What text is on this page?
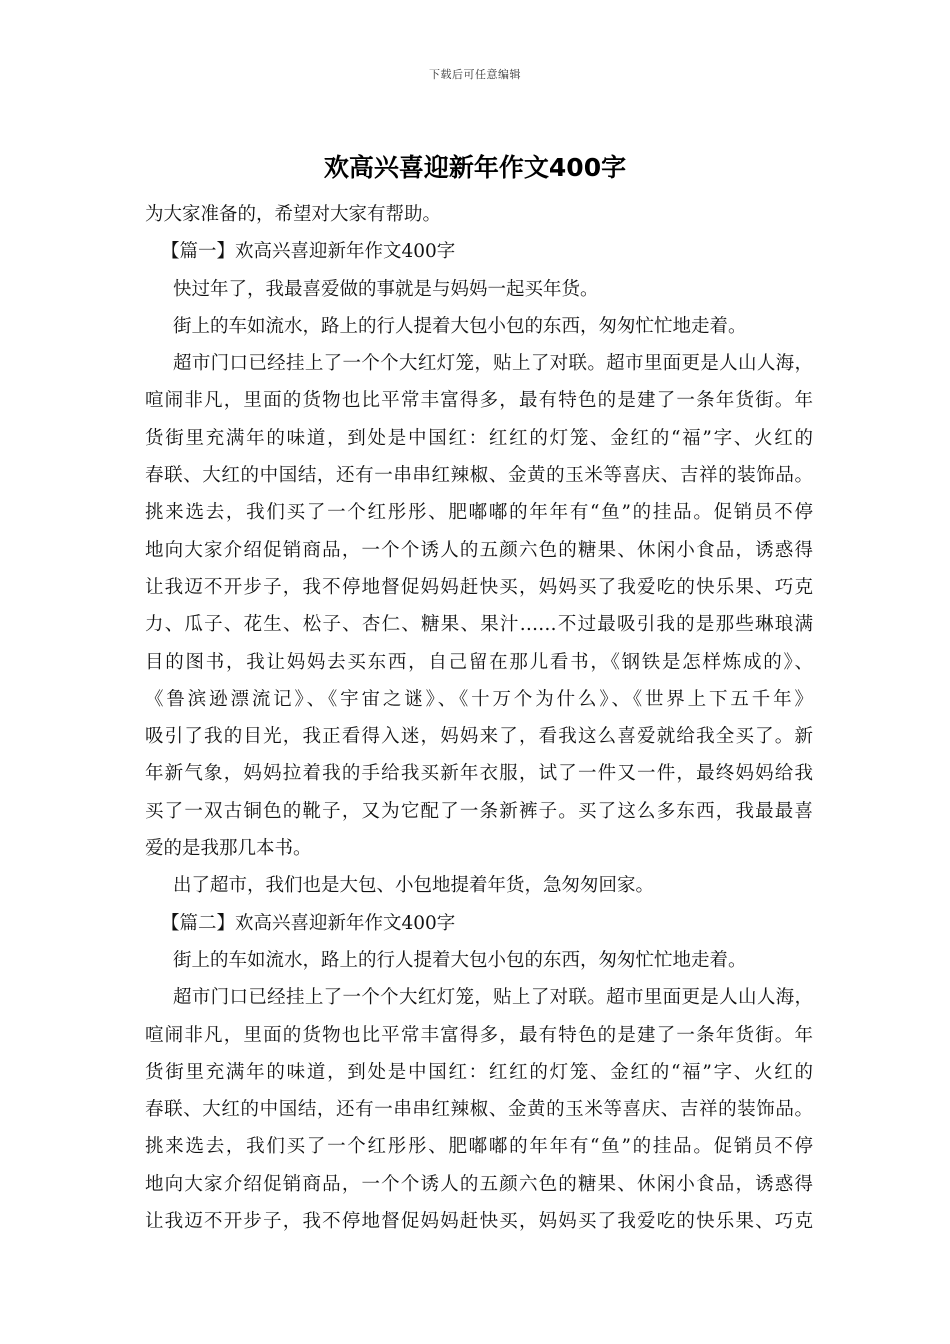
下载后可任意编辑
欢高兴喜迎新年作文400字
为大家准备的，希望对大家有帮助。
【篇一】欢高兴喜迎新年作文400字
快过年了，我最喜爱做的事就是与妈妈一起买年货。
街上的车如流水，路上的行人提着大包小包的东西，匆匆忙忙地走着。
超市门口已经挂上了一个个大红灯笼，贴上了对联。超市里面更是人山人海，
喧闹非凡，里面的货物也比平常丰富得多，最有特色的是建了一条年货街。年
货街里充满年的味道，到处是中国红：红红的灯笼、金红的“福”字、火红的
春联、大红的中国结，还有一串串红辣椒、金黄的玉米等喜庆、吉祥的装饰品。
挑来选去，我们买了一个红彤彤、肥嘟嘟的年年有“鱼”的挂品。促销员不停
地向大家介绍促销商品，一个个诱人的五颜六色的糖果、休闲小食品，诱惑得
让我迈不开步子，我不停地督促妈妈赶快买，妈妈买了我爱吃的快乐果、巧克
力、瓜子、花生、松子、杏仁、糖果、果汁……不过最吸引我的是那些琳琅满
目的图书，我让妈妈去买东西，自己留在那儿看书，《钢铁是怎样炼成的》、
《鲁滨逊漂流记》、《宇宙之谜》、《十万个为什么》、《世界上下五千年》
吸引了我的目光，我正看得入迷，妈妈来了，看我这么喜爱就给我全买了。新
年新气象，妈妈拉着我的手给我买新年衣服，试了一件又一件，最终妈妈给我
买了一双古铜色的靴子，又为它配了一条新裤子。买了这么多东西，我最最喜
爱的是我那几本书。
出了超市，我们也是大包、小包地提着年货，急匆匆回家。
【篇二】欢高兴喜迎新年作文400字
街上的车如流水，路上的行人提着大包小包的东西，匆匆忙忙地走着。
超市门口已经挂上了一个个大红灯笼，贴上了对联。超市里面更是人山人海，
喧闹非凡，里面的货物也比平常丰富得多，最有特色的是建了一条年货街。年
货街里充满年的味道，到处是中国红：红红的灯笼、金红的“福”字、火红的
春联、大红的中国结，还有一串串红辣椒、金黄的玉米等喜庆、吉祥的装饰品。
挑来选去，我们买了一个红彤彤、肥嘟嘟的年年有“鱼”的挂品。促销员不停
地向大家介绍促销商品，一个个诱人的五颜六色的糖果、休闲小食品，诱惑得
让我迈不开步子，我不停地督促妈妈赶快买，妈妈买了我爱吃的快乐果、巧克
